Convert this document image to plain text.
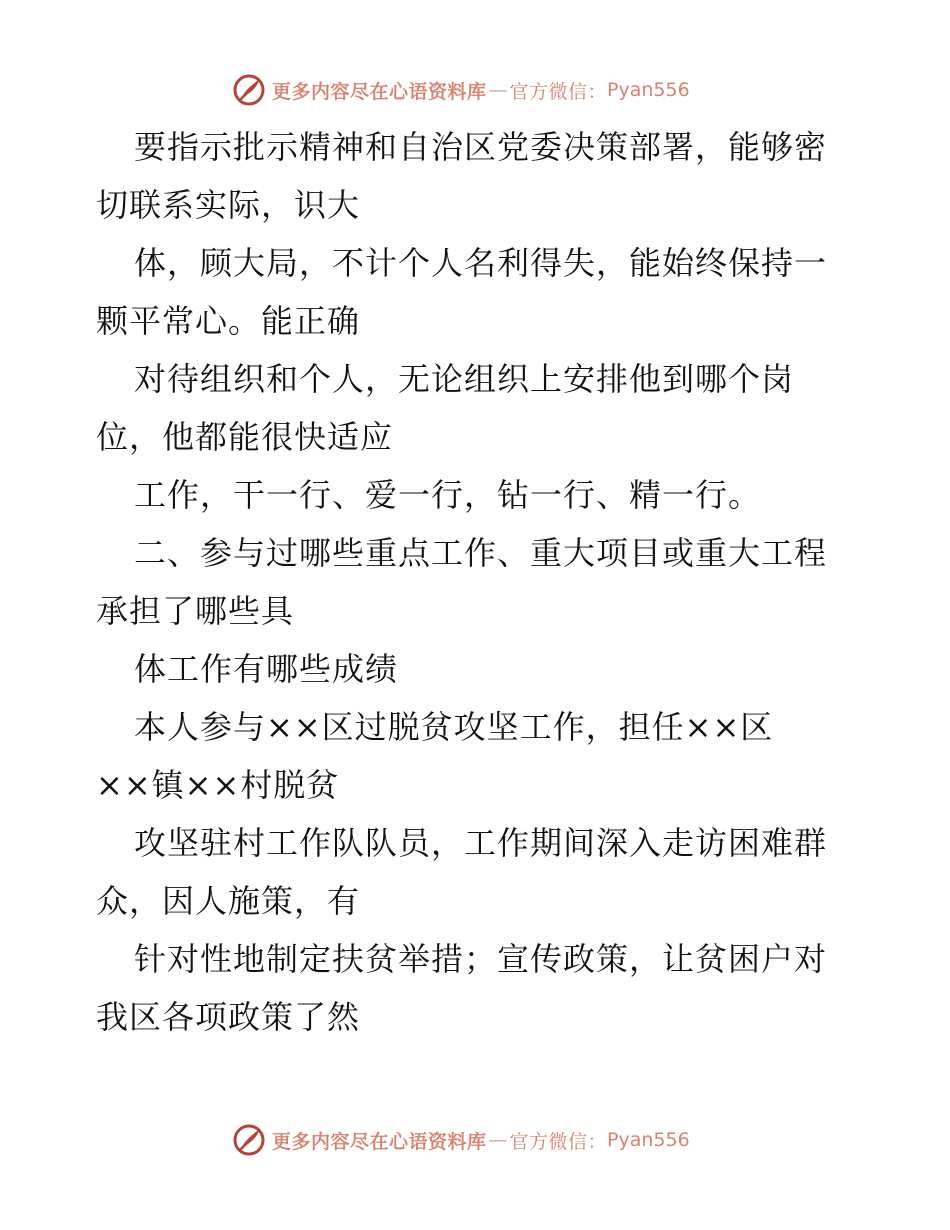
更多内容尽在心语资料库 — 官方微信： Pyan556
要指示批示精神和自治区党委决策部署，能够密
切联系实际，识大
体，顾大局，不计个人名利得失，能始终保持一
颗平常心。能正确
对待组织和个人，无论组织上安排他到哪个岗
位，他都能很快适应
工作，干一行、爱一行，钻一行、精一行。
二、参与过哪些重点工作、重大项目或重大工程
承担了哪些具
体工作有哪些成绩
本人参与××区过脱贫攻坚工作，担任××区
××镇××村脱贫
攻坚驻村工作队队员，工作期间深入走访困难群
众，因人施策，有
针对性地制定扶贫举措；宣传政策，让贫困户对
我区各项政策了然
更多内容尽在心语资料库 — 官方微信： Pyan556
